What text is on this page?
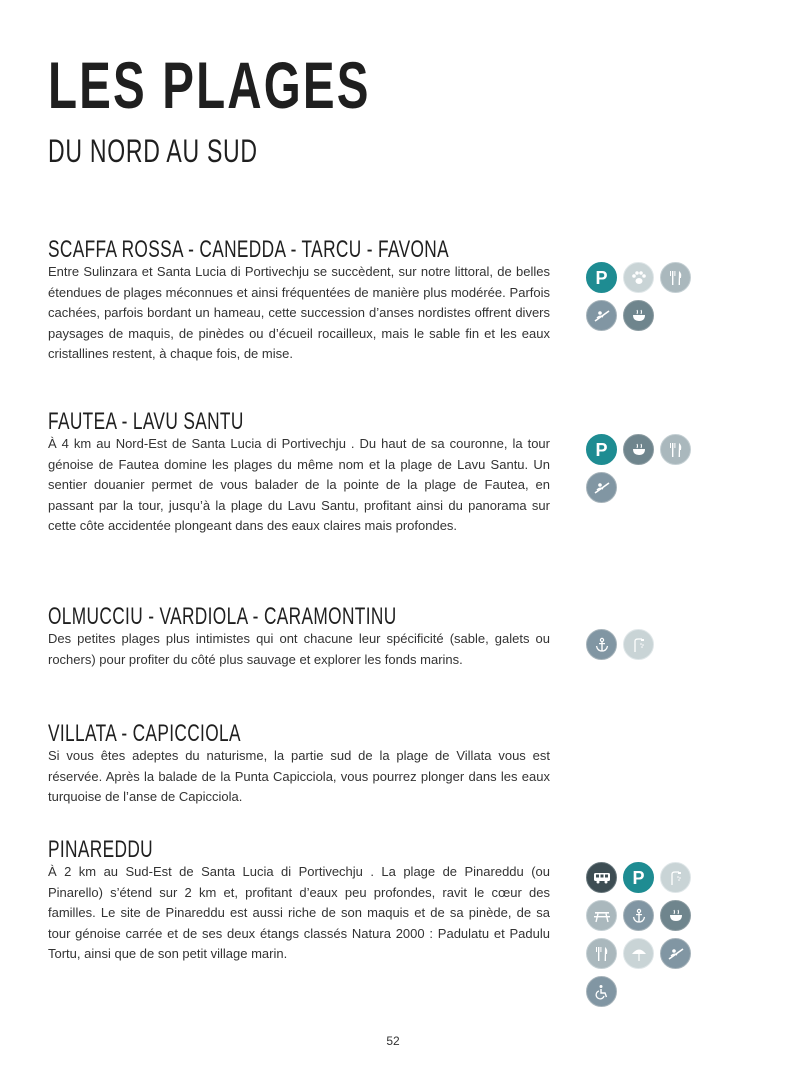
LES PLAGES
DU NORD AU SUD
SCAFFA ROSSA - CANEDDA - TARCU - FAVONA

Entre Sulinzara et Santa Lucia di Portivechju se succèdent, sur notre littoral, de belles étendues de plages méconnues et ainsi fréquentées de manière plus modérée. Parfois cachées, parfois bordant un hameau, cette succession d’anses nordistes offrent divers paysages de maquis, de pinèdes ou d’écueil rocailleux, mais le sable fin et les eaux cristallines restent, à chaque fois, de mise.

P
FAUTEA - LAVU SANTU

À 4 km au Nord-Est de Santa Lucia di Portivechju . Du haut de sa couronne, la tour génoise de Fautea domine les plages du même nom et la plage de Lavu Santu. Un sentier douanier permet de vous balader de la pointe de la plage de Fautea, en passant par la tour, jusqu’à la plage du Lavu Santu, profitant ainsi du panorama sur cette côte accidentée plongeant dans des eaux claires mais profondes.

P
OLMUCCIU - VARDIOLA - CARAMONTINU

Des petites plages plus intimistes qui ont chacune leur spécificité (sable, galets ou rochers) pour profiter du côté plus sauvage et explorer les fonds marins.

VILLATA - CAPICCIOLA

Si vous êtes adeptes du naturisme, la partie sud de la plage de Villata vous est réservée. Après la balade de la Punta Capicciola, vous pourrez plonger dans les eaux turquoise de l’anse de Capicciola.

PINAREDDU

À 2 km au Sud-Est de Santa Lucia di Portivechju . La plage de Pinareddu (ou Pinarello) s’étend sur 2 km et, profitant d’eaux peu profondes, ravit le cœur des familles. Le site de Pinareddu est aussi riche de son maquis et de sa pinède, de sa tour génoise carrée et de ses deux étangs classés Natura 2000 : Padulatu et Padulu Tortu, ainsi que de son petit village marin.

P
52
